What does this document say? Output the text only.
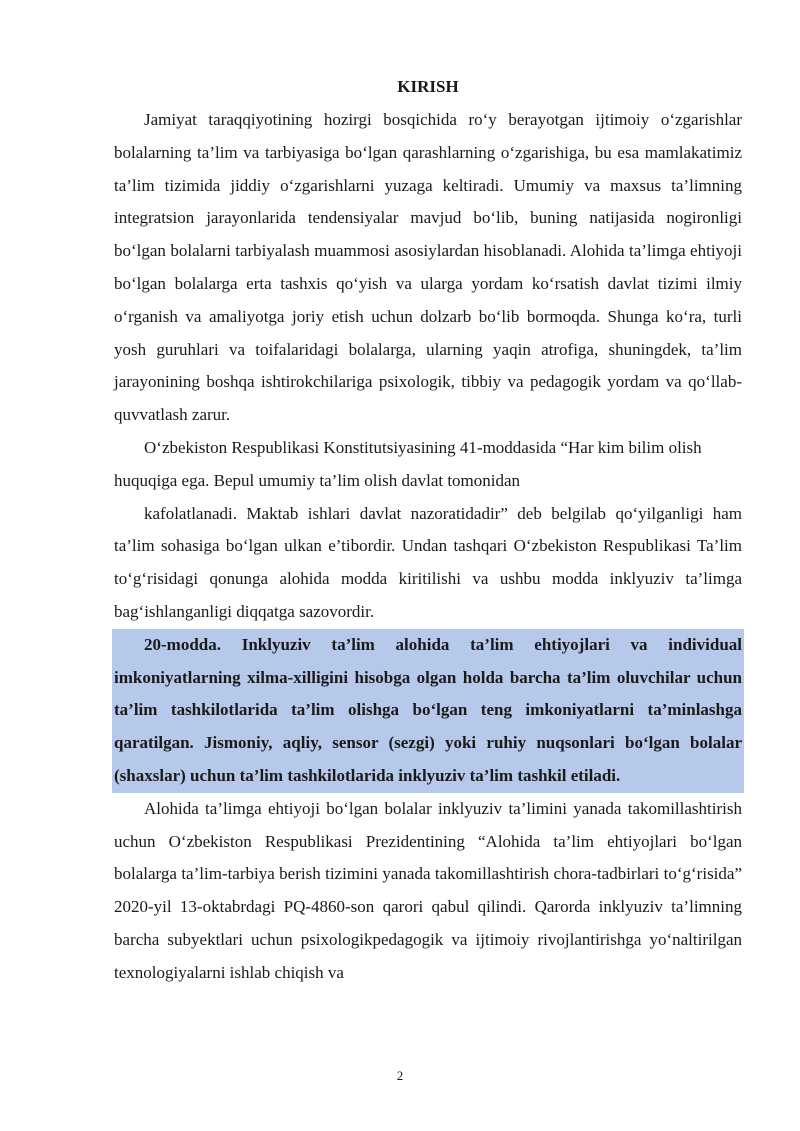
KIRISH

Jamiyat taraqqiyotining hozirgi bosqichida ro‘y berayotgan ijtimoiy o‘zgarishlar bolalarning ta’lim va tarbiyasiga bo‘lgan qarashlarning o‘zgarishiga, bu esa mamlakatimiz ta’lim tizimida jiddiy o‘zgarishlarni yuzaga keltiradi. Umumiy va maxsus ta’limning integratsion jarayonlarida tendensiyalar mavjud bo‘lib, buning natijasida nogironligi bo‘lgan bolalarni tarbiyalash muammosi asosiylardan hisoblanadi. Alohida ta’limga ehtiyoji bo‘lgan bolalarga erta tashxis qo‘yish va ularga yordam ko‘rsatish davlat tizimi ilmiy o‘rganish va amaliyotga joriy etish uchun dolzarb bo‘lib bormoqda. Shunga ko‘ra, turli yosh guruhlari va toifalaridagi bolalarga, ularning yaqin atrofiga, shuningdek, ta’lim jarayonining boshqa ishtirokchilariga psixologik, tibbiy va pedagogik yordam va qo‘llab-quvvatlash zarur.

O‘zbekiston Respublikasi Konstitutsiyasining 41-moddasida “Har kim bilim olish huquqiga ega. Bepul umumiy ta’lim olish davlat tomonidan

kafolatlanadi. Maktab ishlari davlat nazoratidadir” deb belgilab qo‘yilganligi ham ta’lim sohasiga bo‘lgan ulkan e’tibordir. Undan tashqari O‘zbekiston Respublikasi Ta’lim to‘g‘risidagi qonunga alohida modda kiritilishi va ushbu modda inklyuziv ta’limga bag‘ishlanganligi diqqatga sazovordir.

20-modda. Inklyuziv ta’lim alohida ta’lim ehtiyojlari va individual imkoniyatlarning xilma-xilligini hisobga olgan holda barcha ta’lim oluvchilar uchun ta’lim tashkilotlarida ta’lim olishga bo‘lgan teng imkoniyatlarni ta’minlashga qaratilgan. Jismoniy, aqliy, sensor (sezgi) yoki ruhiy nuqsonlari bo‘lgan bolalar (shaxslar) uchun ta’lim tashkilotlarida inklyuziv ta’lim tashkil etiladi.

Alohida ta’limga ehtiyoji bo‘lgan bolalar inklyuziv ta’limini yanada takomillashtirish uchun O‘zbekiston Respublikasi Prezidentining “Alohida ta’lim ehtiyojlari bo‘lgan bolalarga ta’lim-tarbiya berish tizimini yanada takomillashtirish chora-tadbirlari to‘g‘risida” 2020-yil 13-oktabrdagi PQ-4860-son qarori qabul qilindi. Qarorda inklyuziv ta’limning barcha subyektlari uchun psixologikpedagogik va ijtimoiy rivojlantirishga yo‘naltirilgan texnologiyalarni ishlab chiqish va

2
